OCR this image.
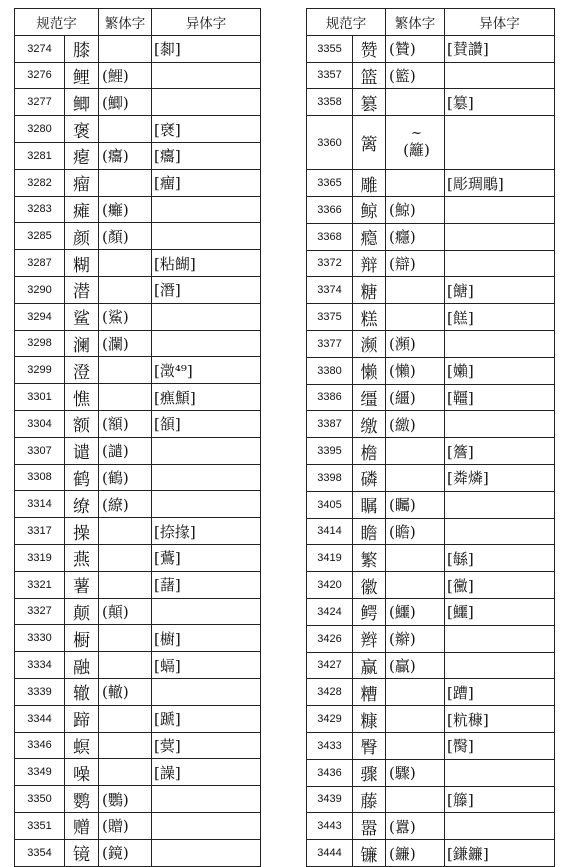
规范字		繁体字	异体字
3274	膝		[厀]
3276	鲤	(鯉)	
3277	鲫	(鯽)	
3280	褒		[褎]
3281	瘪	(癟)	[癟]
3282	瘤		[癅]
3283	瘫	(癱)	
3285	颜	(顏)	
3287	糊		[粘餬]
3290	潜		[潛]
3294	鲨	(鯊)	
3298	澜	(瀾)	
3299	澄		[澂⁴⁹]
3301	憔		[癄顦]
3304	额	(額)	[頟]
3307	谴	(譴)	
3308	鹤	(鶴)	
3314	缭	(繚)	
3317	操		[捺掾]
3319	燕		[鷰]
3321	薯		[藷]
3327	颠	(顛)	
3330	橱		[櫥]
3334	融		[螎]
3339	辙	(轍)	
3344	蹄		[蹏]
3346	螟		[蓂]
3349	噪		[譟]
3350	鹦	(鸚)	
3351	赠	(贈)	
3354	镜	(鏡)	
规范字		繁体字	异体字
3355	赞	(贊)	[賛讚]
3357	篮	(籃)	
3358	篡		[簒]
3360	篱	~
(籬)	

3365	雕		[彫琱鵰]
3366	鲸	(鯨)	
3368	瘾	(癮)	
3372	辩	(辯)	
3374	糖		[餹]
3375	糕		[餻]
3377	濒	(瀕)	
3380	懒	(懶)	[嬾]
3386	缰	(繮)	[韁]
3387	缴	(繳)	
3395	檐		[簷]
3398	磷		[粦燐]
3405	瞩	(矚)	
3414	瞻	(瞻)	
3419	繁		[緐]
3420	徽		[黴]
3424	鳄	(鱷)	[鱷]
3426	辫	(辮)	
3427	赢	(贏)	
3428	糟		[蹧]
3429	糠		[粇穅]
3433	臀		[臋]
3436	骤	(驟)	
3439	藤		[籐]
3443	嚣	(囂)	
3444	镰	(鐮)	[鎌鐮]
